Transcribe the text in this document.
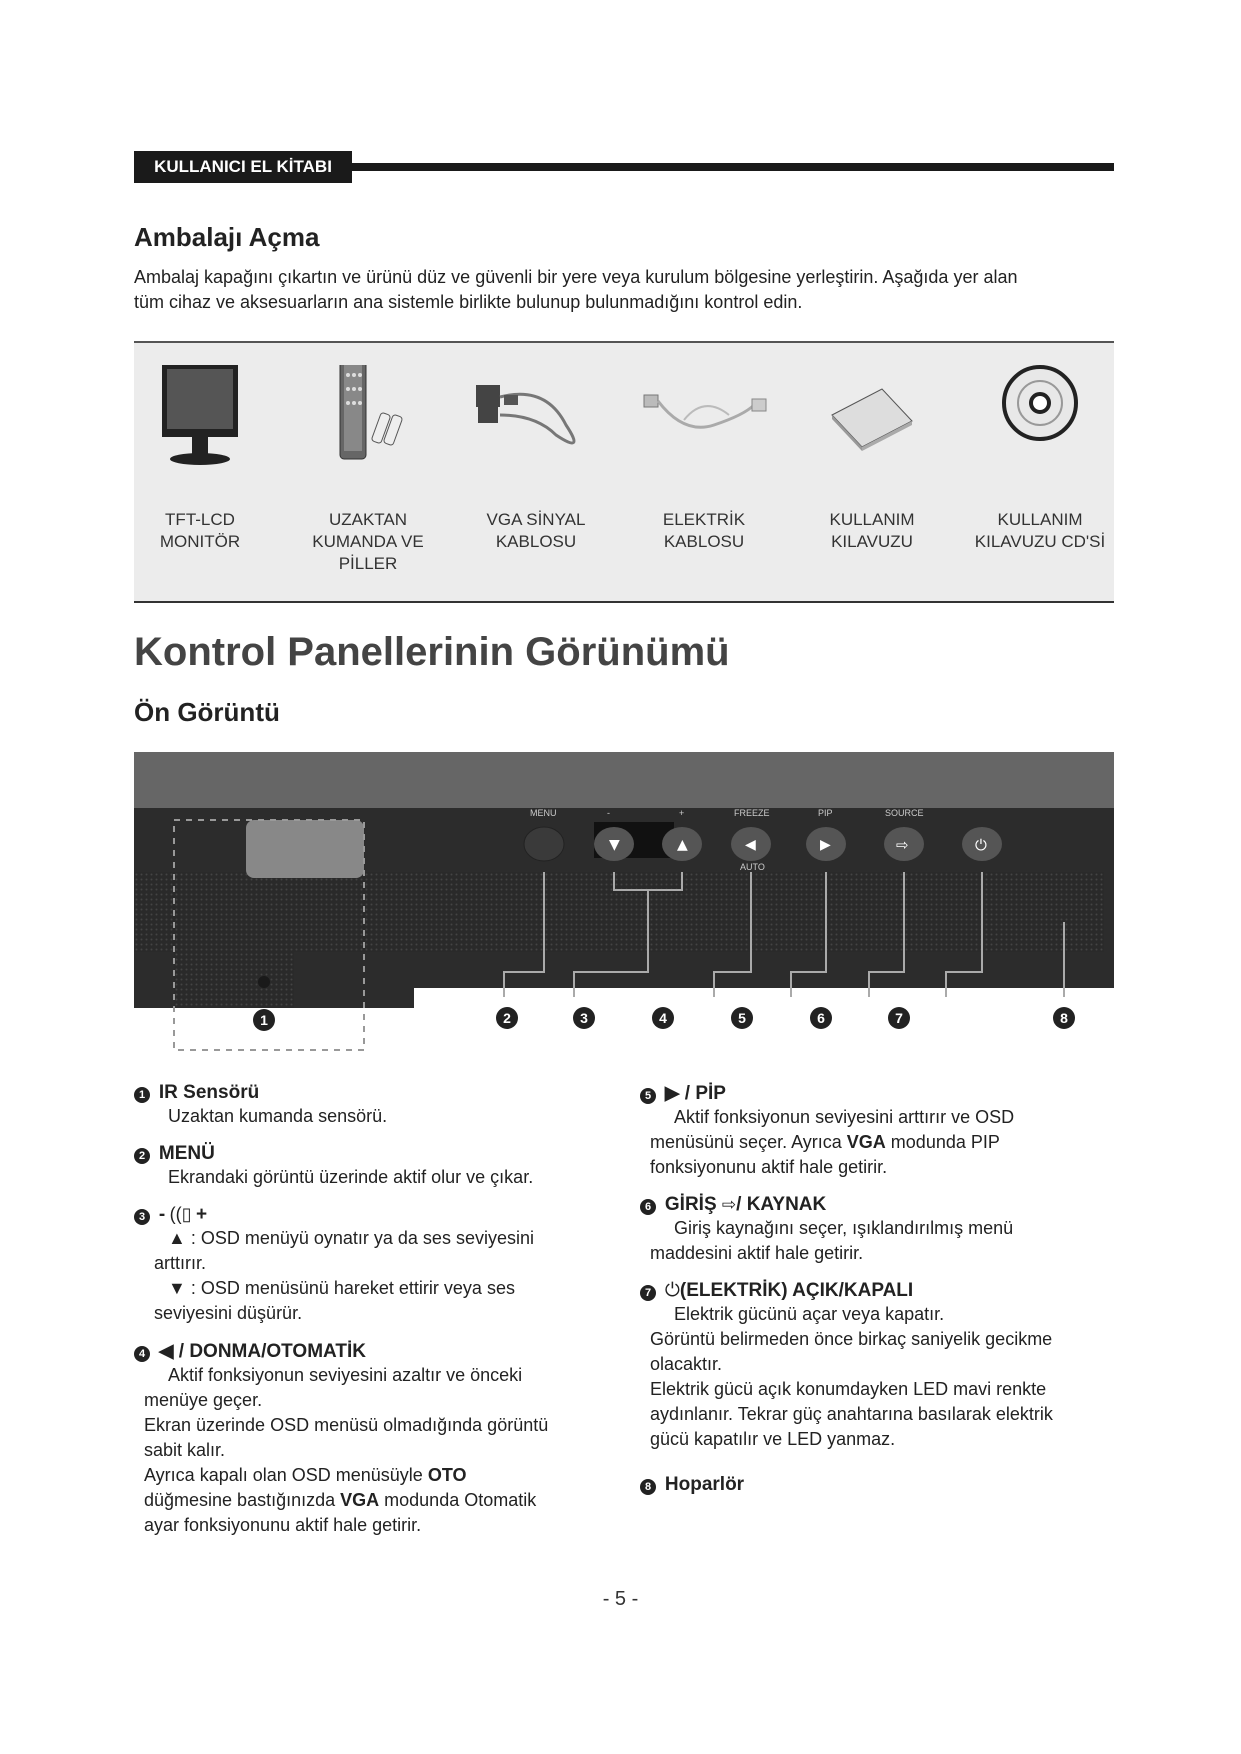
KULLANICI EL KİTABI
Ambalajı Açma
Ambalaj kapağını çıkartın ve ürünü düz ve güvenli bir yere veya kurulum bölgesine yerleştirin. Aşağıda yer alan
tüm cihaz ve aksesuarların ana sistemle birlikte bulunup bulunmadığını kontrol edin.
TFT-LCD
MONITÖR
UZAKTAN
KUMANDA VE
PİLLER
VGA SİNYAL
KABLOSU
ELEKTRİK
KABLOSU
KULLANIM
KILAVUZU
KULLANIM
KILAVUZU CD'Sİ
Kontrol Panellerinin Görünümü
Ön Görüntü
▼	▲	◀	▶	⇨	⏻
MENU	-	+	FREEZE	PIP	SOURCE
AUTO
1	2	3	4	5	6	7	8
1 IR Sensörü
Uzaktan kumanda sensörü.
2 MENÜ
Ekrandaki görüntü üzerinde aktif olur ve çıkar.
3 - ((▯ +
▲ : OSD menüyü oynatır ya da ses seviyesini
arttırır.
▼ : OSD menüsünü hareket ettirir veya ses
seviyesini düşürür.
4 ◀ / DONMA/OTOMATİK
Aktif fonksiyonun seviyesini azaltır ve önceki
menüye geçer.
Ekran üzerinde OSD menüsü olmadığında görüntü
sabit kalır.
Ayrıca kapalı olan OSD menüsüyle OTO
düğmesine bastığınızda VGA modunda Otomatik
ayar fonksiyonunu aktif hale getirir.
5 ▶ / PİP
Aktif fonksiyonun seviyesini arttırır ve OSD
menüsünü seçer. Ayrıca VGA modunda PIP
fonksiyonunu aktif hale getirir.
6 GİRİŞ ⇨/ KAYNAK
Giriş kaynağını seçer, ışıklandırılmış menü
maddesini aktif hale getirir.
7 ⏻(ELEKTRİK) AÇIK/KAPALI
Elektrik gücünü açar veya kapatır.
Görüntü belirmeden önce birkaç saniyelik gecikme
olacaktır.
Elektrik gücü açık konumdayken LED mavi renkte
aydınlanır. Tekrar güç anahtarına basılarak elektrik
gücü kapatılır ve LED yanmaz.
8 Hoparlör
- 5 -
